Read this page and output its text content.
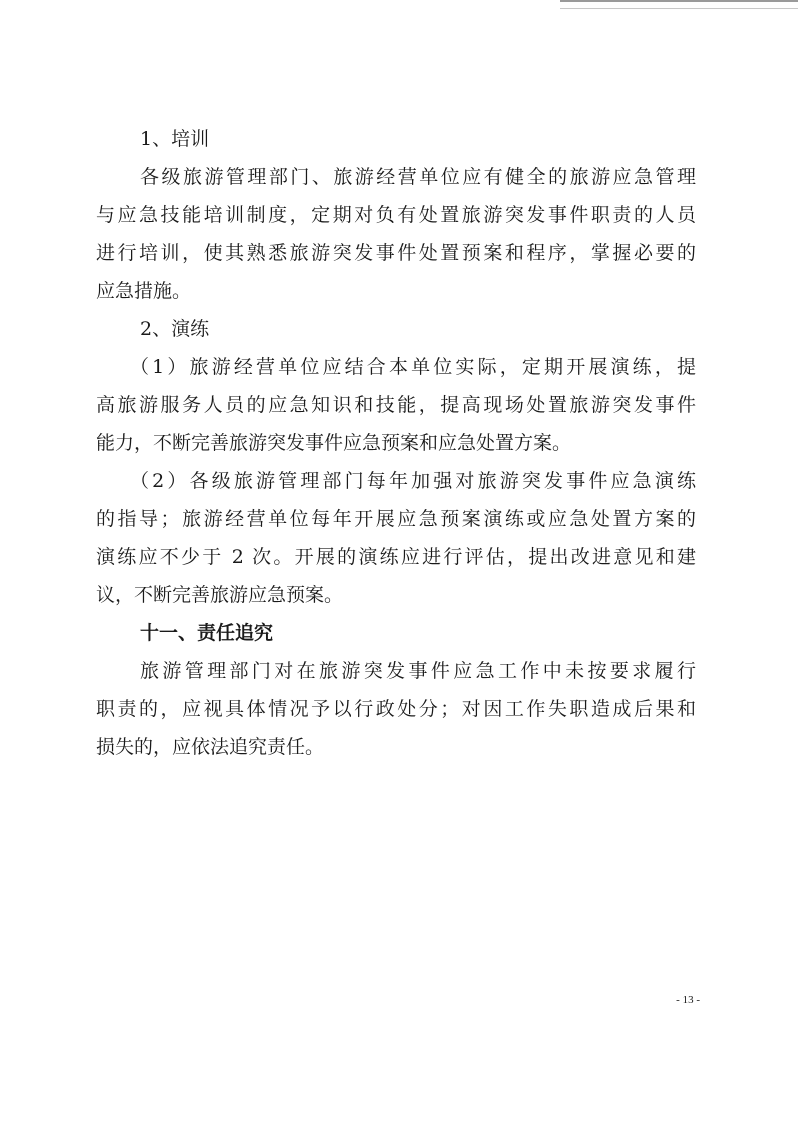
1、培训
各级旅游管理部门、旅游经营单位应有健全的旅游应急管理
与应急技能培训制度，定期对负有处置旅游突发事件职责的人员
进行培训，使其熟悉旅游突发事件处置预案和程序，掌握必要的
应急措施。
2、演练
（1）旅游经营单位应结合本单位实际，定期开展演练，提
高旅游服务人员的应急知识和技能，提高现场处置旅游突发事件
能力，不断完善旅游突发事件应急预案和应急处置方案。
（2）各级旅游管理部门每年加强对旅游突发事件应急演练
的指导；旅游经营单位每年开展应急预案演练或应急处置方案的
演练应不少于 2 次。开展的演练应进行评估，提出改进意见和建
议，不断完善旅游应急预案。
十一、责任追究
旅游管理部门对在旅游突发事件应急工作中未按要求履行
职责的，应视具体情况予以行政处分；对因工作失职造成后果和
损失的，应依法追究责任。
- 13 -
